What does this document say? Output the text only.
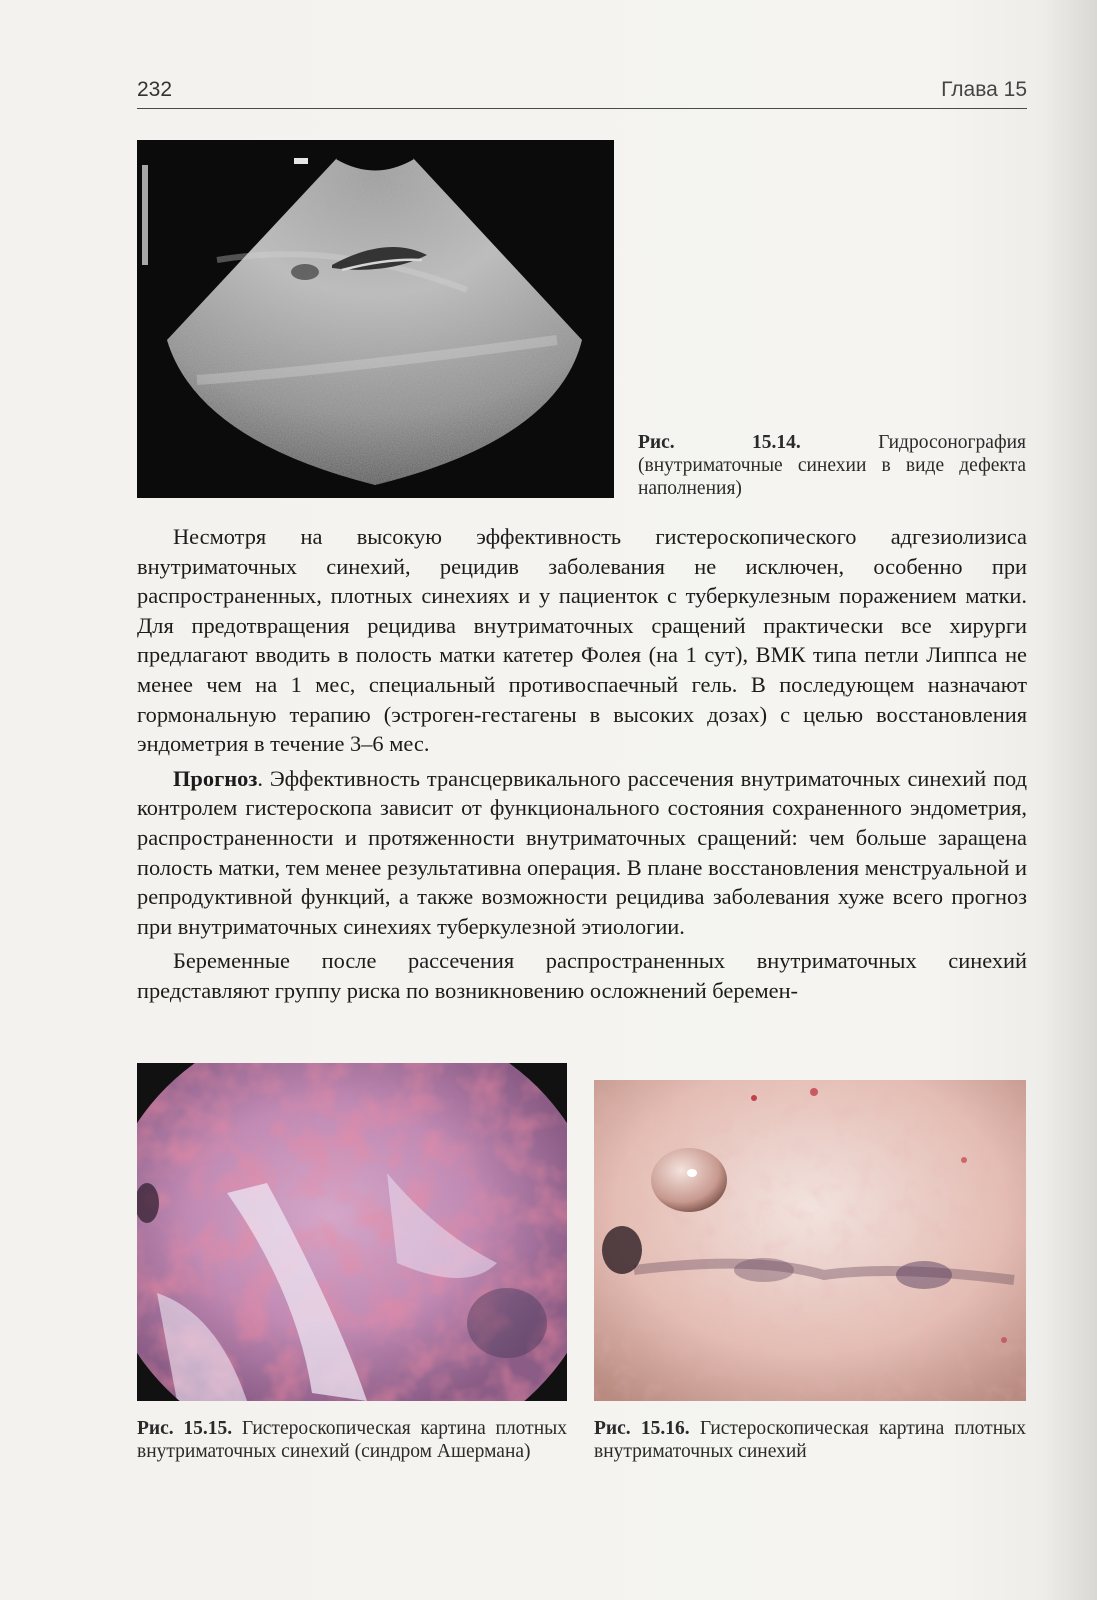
232	Глава 15
Рис. 15.14. Гидросонография (внутриматочные синехии в виде дефекта наполнения)

Несмотря на высокую эффективность гистероскопического адгезиолизиса внутриматочных синехий, рецидив заболевания не исключен, особенно при распространенных, плотных синехиях и у пациенток с туберкулезным поражением матки. Для предотвращения рецидива внутриматочных сращений практически все хирурги предлагают вводить в полость матки катетер Фолея (на 1 сут), ВМК типа петли Липпса не менее чем на 1 мес, специальный противоспаечный гель. В последующем назначают гормональную терапию (эстроген-гестагены в высоких дозах) с целью восстановления эндометрия в течение 3–6 мес.

Прогноз. Эффективность трансцервикального рассечения внутриматочных синехий под контролем гистероскопа зависит от функционального состояния сохраненного эндометрия, распространенности и протяженности внутриматочных сращений: чем больше заращена полость матки, тем менее результативна операция. В плане восстановления менструальной и репродуктивной функций, а также возможности рецидива заболевания хуже всего прогноз при внутриматочных синехиях туберкулезной этиологии.

Беременные после рассечения распространенных внутриматочных синехий представляют группу риска по возникновению осложнений беремен-

Рис. 15.15. Гистероскопическая картина плотных внутриматочных синехий (синдром Ашермана)
Рис. 15.16. Гистероскопическая картина плотных внутриматочных синехий
